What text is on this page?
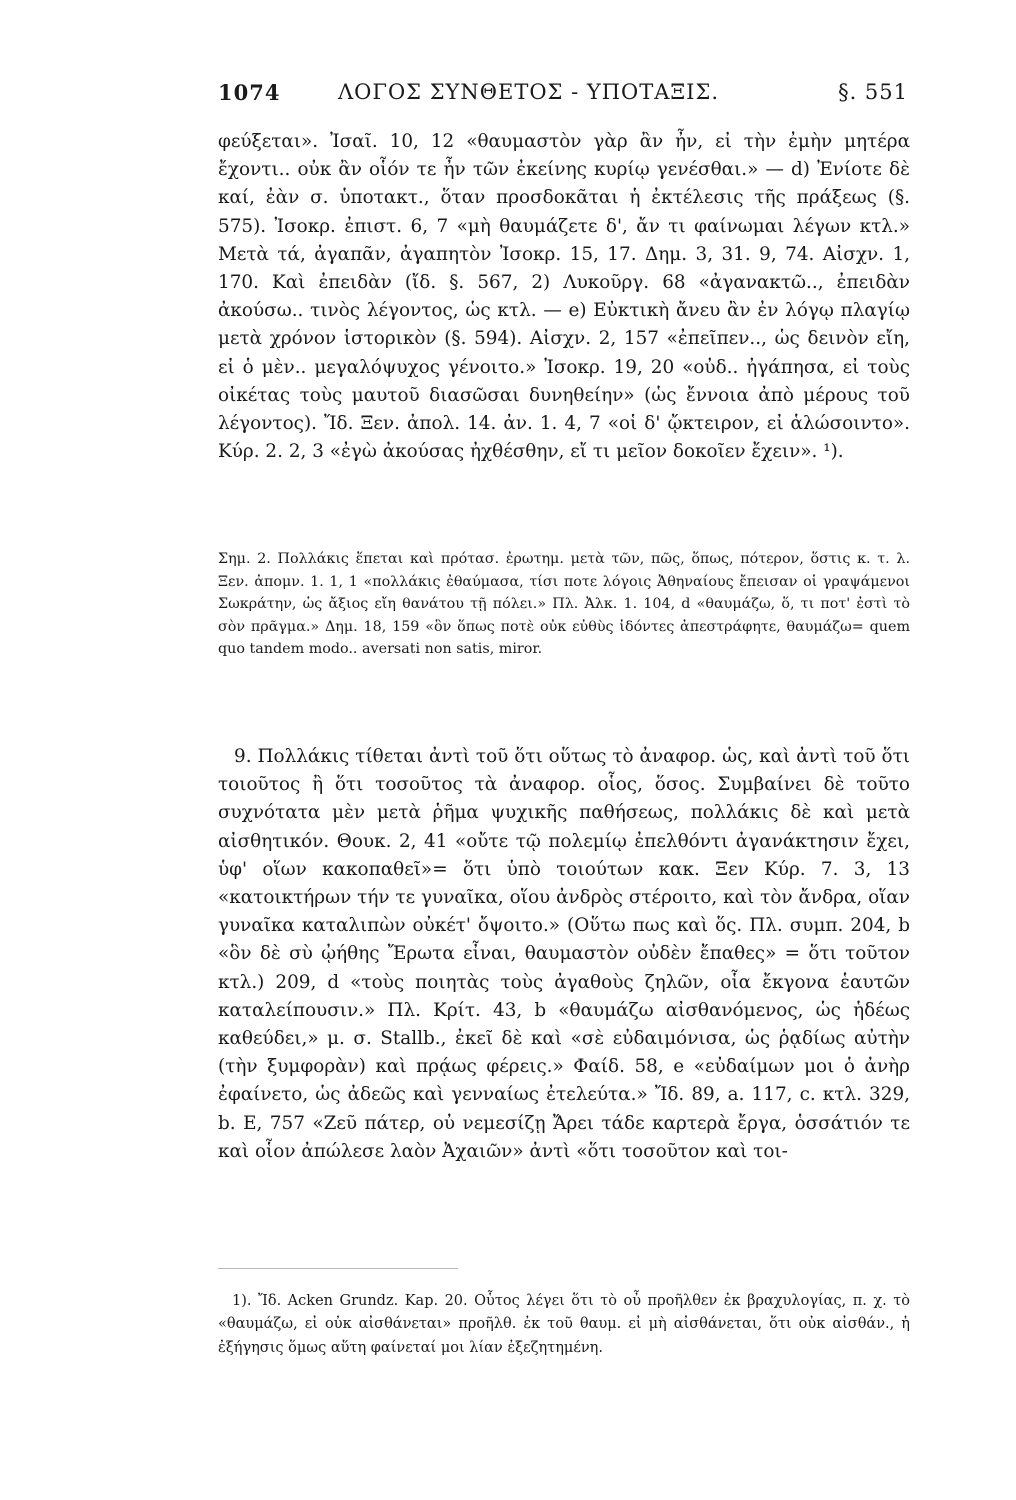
1074	ΛΟΓΟΣ ΣΥΝΘΕΤΟΣ - ΥΠΟΤΑΞΙΣ.	§. 551

φεύξεται». Ἰσαῖ. 10, 12 «θαυμαστὸν γὰρ ἂν ἦν, εἰ τὴν ἐμὴν μητέρα ἔχοντι.. οὐκ ἂν οἷόν τε ἦν τῶν ἐκείνης κυρίῳ γενέσθαι.» — d) Ἐνίοτε δὲ καί, ἐὰν σ. ὑποτακτ., ὅταν προσδοκᾶται ἡ ἐκτέλεσις τῆς πράξεως (§. 575). Ἰσοκρ. ἐπιστ. 6, 7 «μὴ θαυμάζετε δ', ἄν τι φαίνωμαι λέγων κτλ.» Μετὰ τά, ἀγαπᾶν, ἀγαπητὸν Ἰσοκρ. 15, 17. Δημ. 3, 31. 9, 74. Αἰσχν. 1, 170. Καὶ ἐπειδὰν (ἴδ. §. 567, 2) Λυκοῦργ. 68 «ἀγανακτῶ.., ἐπειδὰν ἀκούσω.. τινὸς λέγοντος, ὡς κτλ. — e) Εὐκτικὴ ἄνευ ἂν ἐν λόγῳ πλαγίῳ μετὰ χρόνον ἱστορικὸν (§. 594). Αἰσχν. 2, 157 «ἐπεῖπεν.., ὡς δεινὸν εἴη, εἰ ὁ μὲν.. μεγαλόψυχος γένοιτο.» Ἰσοκρ. 19, 20 «οὐδ.. ἠγάπησα, εἰ τοὺς οἰκέτας τοὺς μαυτοῦ διασῶσαι δυνηθείην» (ὡς ἔννοια ἀπὸ μέρους τοῦ λέγοντος). Ἴδ. Ξεν. ἀπολ. 14. ἀν. 1. 4, 7 «οἱ δ' ᾤκτειρον, εἰ ἁλώσοιντο». Κύρ. 2. 2, 3 «ἐγὼ ἀκούσας ἠχθέσθην, εἴ τι μεῖον δοκοῖεν ἔχειν». ¹).

Σημ. 2. Πολλάκις ἕπεται καὶ πρότασ. ἐρωτημ. μετὰ τῶν, πῶς, ὅπως, πότερον, ὅστις κ. τ. λ. Ξεν. ἀπομν. 1. 1, 1 «πολλάκις ἐθαύμασα, τίσι ποτε λόγοις Ἀθηναίους ἔπεισαν οἱ γραψάμενοι Σωκράτην, ὡς ἄξιος εἴη θανάτου τῇ πόλει.» Πλ. Ἀλκ. 1. 104, d «θαυμάζω, ὅ, τι ποτ' ἐστὶ τὸ σὸν πρᾶγμα.» Δημ. 18, 159 «ὃν ὅπως ποτὲ οὐκ εὐθὺς ἰδόντες ἀπεστράφητε, θαυμάζω= quem quo tandem modo.. aversati non satis, miror.

9. Πολλάκις τίθεται ἀντὶ τοῦ ὅτι οὕτως τὸ ἀναφορ. ὡς, καὶ ἀντὶ τοῦ ὅτι τοιοῦτος ἢ ὅτι τοσοῦτος τὰ ἀναφορ. οἷος, ὅσος. Συμβαίνει δὲ τοῦτο συχνότατα μὲν μετὰ ῥῆμα ψυχικῆς παθήσεως, πολλάκις δὲ καὶ μετὰ αἰσθητικόν. Θουκ. 2, 41 «οὔτε τῷ πολεμίῳ ἐπελθόντι ἀγανάκτησιν ἔχει, ὑφ' οἵων κακοπαθεῖ»= ὅτι ὑπὸ τοιούτων κακ. Ξεν Κύρ. 7. 3, 13 «κατοικτήρων τήν τε γυναῖκα, οἵου ἀνδρὸς στέροιτο, καὶ τὸν ἄνδρα, οἵαν γυναῖκα καταλιπὼν οὐκέτ' ὄψοιτο.» (Οὕτω πως καὶ ὅς. Πλ. συμπ. 204, b «ὃν δὲ σὺ ᾠήθης Ἔρωτα εἶναι, θαυμαστὸν οὐδὲν ἔπαθες» = ὅτι τοῦτον κτλ.) 209, d «τοὺς ποιητὰς τοὺς ἀγαθοὺς ζηλῶν, οἷα ἔκγονα ἑαυτῶν καταλείπουσιν.» Πλ. Κρίτ. 43, b «θαυμάζω αἰσθανόμενος, ὡς ἡδέως καθεύδει,» μ. σ. Stallb., ἐκεῖ δὲ καὶ «σὲ εὐδαιμόνισα, ὡς ῥᾳδίως αὐτὴν (τὴν ξυμφορὰν) καὶ πρᾴως φέρεις.» Φαίδ. 58, e «εὐδαίμων μοι ὁ ἀνὴρ ἐφαίνετο, ὡς ἀδεῶς καὶ γενναίως ἐτελεύτα.» Ἴδ. 89, a. 117, c. κτλ. 329, b. E, 757 «Ζεῦ πάτερ, οὐ νεμεσίζῃ Ἄρει τάδε καρτερὰ ἔργα, ὁσσάτιόν τε καὶ οἷον ἀπώλεσε λαὸν Ἀχαιῶν» ἀντὶ «ὅτι τοσοῦτον καὶ τοι-

1). Ἴδ. Acken Grundz. Kap. 20. Οὗτος λέγει ὅτι τὸ οὖ προῆλθεν ἐκ βραχυλογίας, π. χ. τὸ «θαυμάζω, εἰ οὐκ αἰσθάνεται» προῆλθ. ἐκ τοῦ θαυμ. εἰ μὴ αἰσθάνεται, ὅτι οὐκ αἰσθάν., ἡ ἐξήγησις ὅμως αὕτη φαίνεταί μοι λίαν ἐξεζητημένη.
